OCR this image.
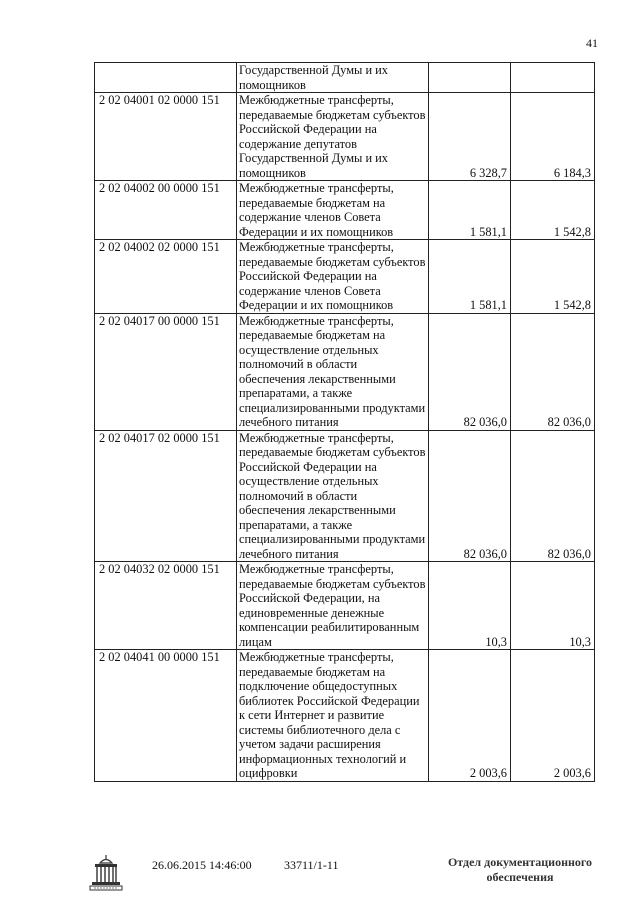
41
	Государственной Думы и их помощников		
2 02 04001 02 0000 151	Межбюджетные трансферты, передаваемые бюджетам субъектов Российской Федерации на содержание депутатов Государственной Думы и их помощников	6 328,7	6 184,3
2 02 04002 00 0000 151	Межбюджетные трансферты, передаваемые бюджетам на содержание членов Совета Федерации и их помощников	1 581,1	1 542,8
2 02 04002 02 0000 151	Межбюджетные трансферты, передаваемые бюджетам субъектов Российской Федерации на содержание членов Совета Федерации и их помощников	1 581,1	1 542,8
2 02 04017 00 0000 151	Межбюджетные трансферты, передаваемые бюджетам на осуществление отдельных полномочий в области обеспечения лекарственными препаратами, а также специализированными продуктами лечебного питания	82 036,0	82 036,0
2 02 04017 02 0000 151	Межбюджетные трансферты, передаваемые бюджетам субъектов Российской Федерации на осуществление отдельных полномочий в области обеспечения лекарственными препаратами, а также специализированными продуктами лечебного питания	82 036,0	82 036,0
2 02 04032 02 0000 151	Межбюджетные трансферты, передаваемые бюджетам субъектов Российской Федерации, на единовременные денежные компенсации реабилитированным лицам	10,3	10,3
2 02 04041 00 0000 151	Межбюджетные трансферты, передаваемые бюджетам на подключение общедоступных библиотек Российской Федерации к сети Интернет и развитие системы библиотечного дела с учетом задачи расширения информационных технологий и оцифровки	2 003,6	2 003,6
26.06.2015 14:46:00	33711/1-11	Отдел документационного
обеспечения
